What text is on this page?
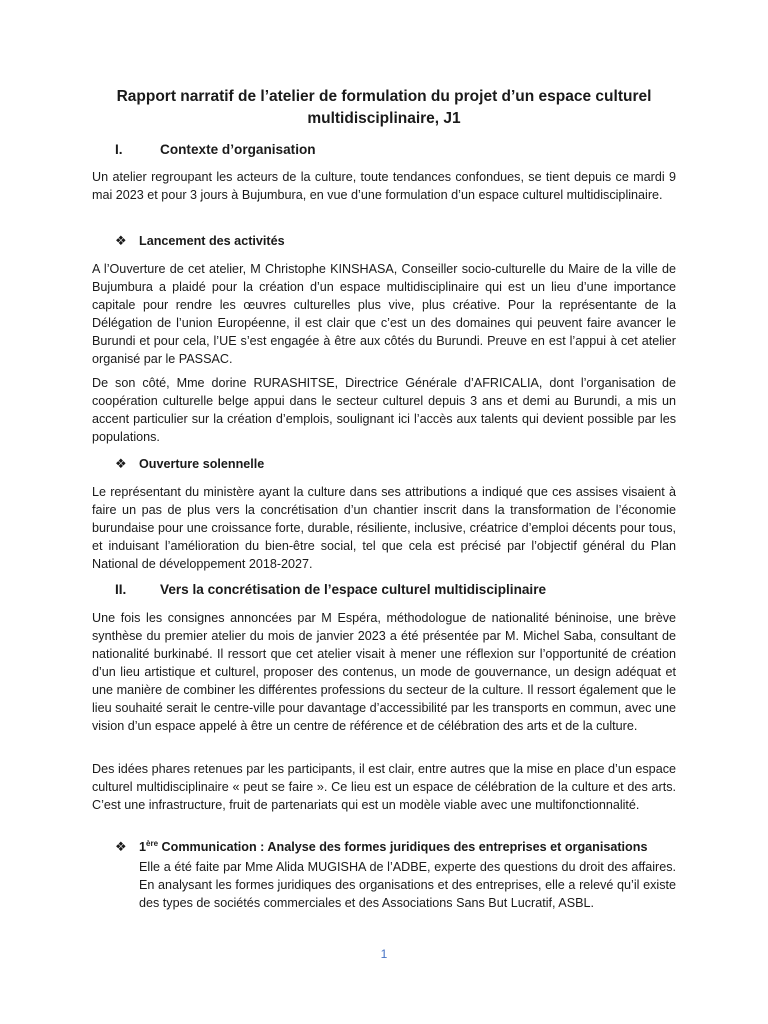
Rapport narratif de l’atelier de formulation du projet d’un espace culturel multidisciplinaire, J1
I.	Contexte d’organisation

Un atelier regroupant les acteurs de la culture, toute tendances confondues, se tient depuis ce mardi 9 mai 2023 et pour 3 jours à Bujumbura, en vue d’une formulation d’un espace culturel multidisciplinaire.

❖ Lancement des activités

A l’Ouverture de cet atelier, M Christophe KINSHASA, Conseiller socio-culturelle du Maire de la ville de Bujumbura a plaidé pour la création d’un espace multidisciplinaire qui est un lieu d’une importance capitale pour rendre les œuvres culturelles plus vive, plus créative. Pour la représentante de la Délégation de l’union Européenne, il est clair que c’est un des domaines qui peuvent faire avancer le Burundi et pour cela, l’UE s’est engagée à être aux côtés du Burundi. Preuve en est l’appui à cet atelier organisé par le PASSAC.

De son côté, Mme dorine RURASHITSE, Directrice Générale d’AFRICALIA, dont l’organisation de coopération culturelle belge appui dans le secteur culturel depuis 3 ans et demi au Burundi, a mis un accent particulier sur la création d’emplois, soulignant ici l’accès aux talents qui devient possible par les populations.

❖ Ouverture solennelle

Le représentant du ministère ayant la culture dans ses attributions a indiqué que ces assises visaient à faire un pas de plus vers la concrétisation d’un chantier inscrit dans la transformation de l’économie burundaise pour une croissance forte, durable, résiliente, inclusive, créatrice d’emploi décents pour tous, et induisant l’amélioration du bien-être social, tel que cela est précisé par l’objectif général du Plan National de développement 2018-2027.

II. Vers la concrétisation de l’espace culturel multidisciplinaire

Une fois les consignes annoncées par M Espéra, méthodologue de nationalité béninoise, une brève synthèse du premier atelier du mois de janvier 2023 a été présentée par M. Michel Saba, consultant de nationalité burkinabé. Il ressort que cet atelier visait à mener une réflexion sur l’opportunité de création d’un lieu artistique et culturel, proposer des contenus, un mode de gouvernance, un design adéquat et une manière de combiner les différentes professions du secteur de la culture. Il ressort également que le lieu souhaité serait le centre-ville pour davantage d’accessibilité par les transports en commun, avec une vision d’un espace appelé à être un centre de référence et de célébration des arts et de la culture.

Des idées phares retenues par les participants, il est clair, entre autres que la mise en place d’un espace culturel multidisciplinaire « peut se faire ». Ce lieu est un espace de célébration de la culture et des arts. C’est une infrastructure, fruit de partenariats qui est un modèle viable avec une multifonctionnalité.

❖ 1ère Communication : Analyse des formes juridiques des entreprises et organisations
Elle a été faite par Mme Alida MUGISHA de l’ADBE, experte des questions du droit des affaires. En analysant les formes juridiques des organisations et des entreprises, elle a relevé qu’il existe des types de sociétés commerciales et des Associations Sans But Lucratif, ASBL.
1
